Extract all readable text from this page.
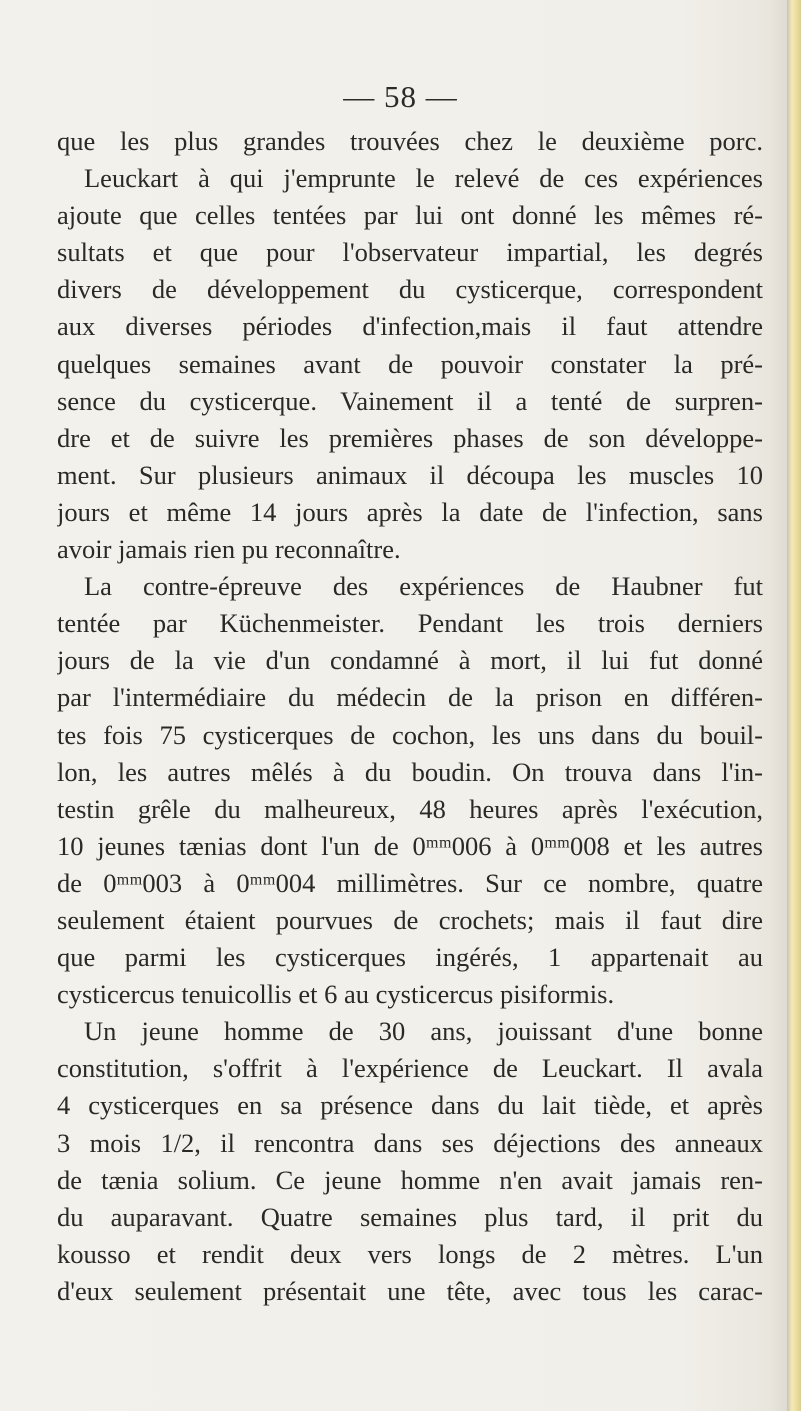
— 58 —
que les plus grandes trouvées chez le deuxième porc.
Leuckart à qui j'emprunte le relevé de ces expériences
ajoute que celles tentées par lui ont donné les mêmes ré-
sultats et que pour l'observateur impartial, les degrés
divers de développement du cysticerque, correspondent
aux diverses périodes d'infection,mais il faut attendre
quelques semaines avant de pouvoir constater la pré-
sence du cysticerque. Vainement il a tenté de surpren-
dre et de suivre les premières phases de son développe-
ment. Sur plusieurs animaux il découpa les muscles 10
jours et même 14 jours après la date de l'infection, sans
avoir jamais rien pu reconnaître.
La contre-épreuve des expériences de Haubner fut
tentée par Küchenmeister. Pendant les trois derniers
jours de la vie d'un condamné à mort, il lui fut donné
par l'intermédiaire du médecin de la prison en différen-
tes fois 75 cysticerques de cochon, les uns dans du bouil-
lon, les autres mêlés à du boudin. On trouva dans l'in-
testin grêle du malheureux, 48 heures après l'exécution,
10 jeunes tænias dont l'un de 0ᵐᵐ006 à 0ᵐᵐ008 et les autres
de 0ᵐᵐ003 à 0ᵐᵐ004 millimètres. Sur ce nombre, quatre
seulement étaient pourvues de crochets; mais il faut dire
que parmi les cysticerques ingérés, 1 appartenait au
cysticercus tenuicollis et 6 au cysticercus pisiformis.
Un jeune homme de 30 ans, jouissant d'une bonne
constitution, s'offrit à l'expérience de Leuckart. Il avala
4 cysticerques en sa présence dans du lait tiède, et après
3 mois 1/2, il rencontra dans ses déjections des anneaux
de tænia solium. Ce jeune homme n'en avait jamais ren-
du auparavant. Quatre semaines plus tard, il prit du
kousso et rendit deux vers longs de 2 mètres. L'un
d'eux seulement présentait une tête, avec tous les carac-
